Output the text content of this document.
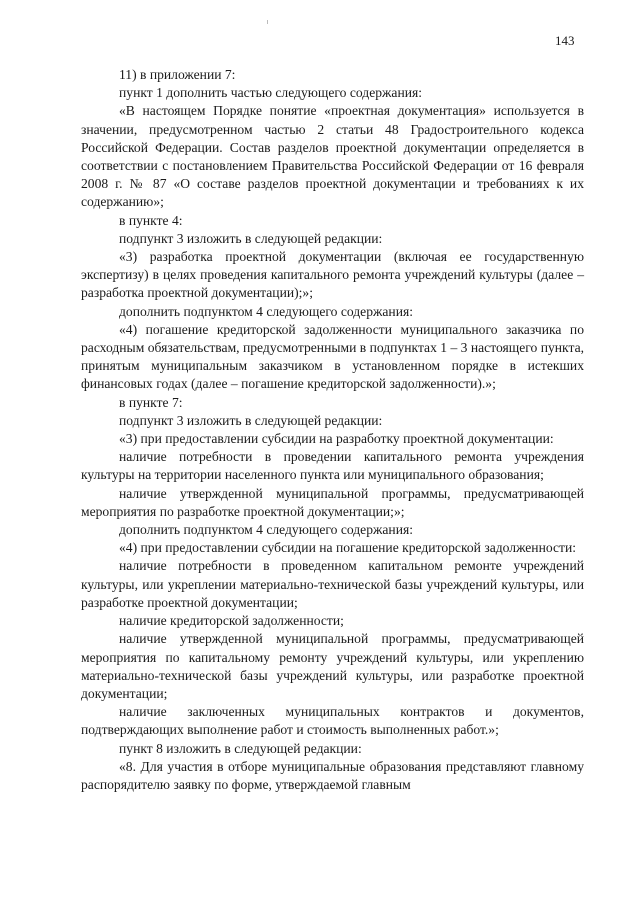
143

11) в приложении 7:

пункт 1 дополнить частью следующего содержания:

«В настоящем Порядке понятие «проектная документация» используется в значении, предусмотренном частью 2 статьи 48 Градостроительного кодекса Российской Федерации. Состав разделов проектной документации определяется в соответствии с постановлением Правительства Российской Федерации от 16 февраля 2008 г. № 87 «О составе разделов проектной документации и требованиях к их содержанию»;

в пункте 4:

подпункт 3 изложить в следующей редакции:

«3) разработка проектной документации (включая ее государственную экспертизу) в целях проведения капитального ремонта учреждений культуры (далее – разработка проектной документации);»;

дополнить подпунктом 4 следующего содержания:

«4) погашение кредиторской задолженности муниципального заказчика по расходным обязательствам, предусмотренными в подпунктах 1 – 3 настоящего пункта, принятым муниципальным заказчиком в установленном порядке в истекших финансовых годах (далее – погашение кредиторской задолженности).»;

в пункте 7:

подпункт 3 изложить в следующей редакции:

«3) при предоставлении субсидии на разработку проектной документации:

наличие потребности в проведении капитального ремонта учреждения культуры на территории населенного пункта или муниципального образования;

наличие утвержденной муниципальной программы, предусматривающей мероприятия по разработке проектной документации;»;

дополнить подпунктом 4 следующего содержания:

«4) при предоставлении субсидии на погашение кредиторской задолженности:

наличие потребности в проведенном капитальном ремонте учреждений культуры, или укреплении материально-технической базы учреждений культуры, или разработке проектной документации;

наличие кредиторской задолженности;

наличие утвержденной муниципальной программы, предусматривающей мероприятия по капитальному ремонту учреждений культуры, или укреплению материально-технической базы учреждений культуры, или разработке проектной документации;

наличие заключенных муниципальных контрактов и документов, подтверждающих выполнение работ и стоимость выполненных работ.»;

пункт 8 изложить в следующей редакции:

«8. Для участия в отборе муниципальные образования представляют главному распорядителю заявку по форме, утверждаемой главным
